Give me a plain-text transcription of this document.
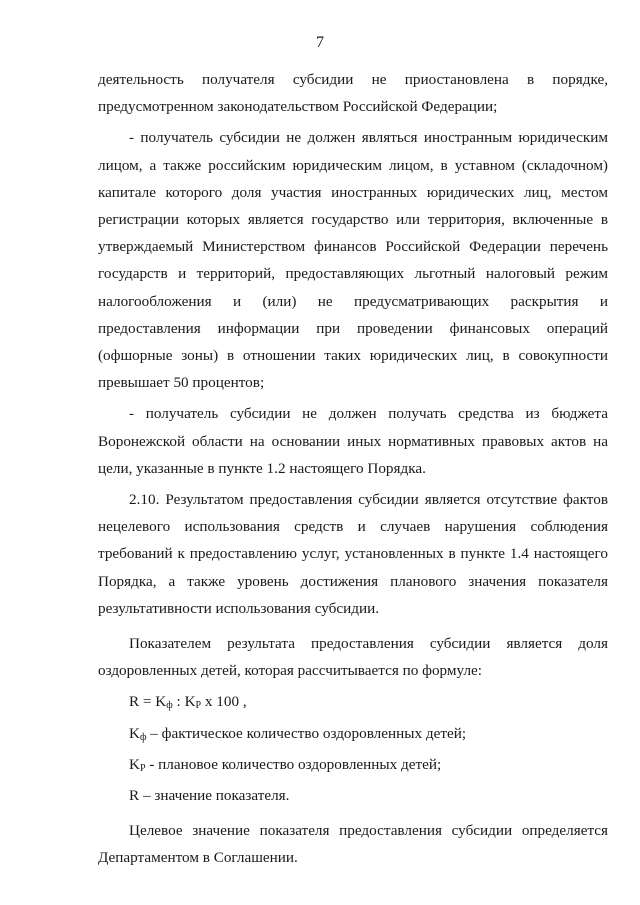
7

деятельность получателя субсидии не приостановлена в порядке, предусмотренном законодательством Российской Федерации;

- получатель субсидии не должен являться иностранным юридическим лицом, а также российским юридическим лицом, в уставном (складочном) капитале которого доля участия иностранных юридических лиц, местом регистрации которых является государство или территория, включенные в утверждаемый Министерством финансов Российской Федерации перечень государств и территорий, предоставляющих льготный налоговый режим налогообложения и (или) не предусматривающих раскрытия и предоставления информации при проведении финансовых операций (офшорные зоны) в отношении таких юридических лиц, в совокупности превышает 50 процентов;

- получатель субсидии не должен получать средства из бюджета Воронежской области на основании иных нормативных правовых актов на цели, указанные в пункте 1.2 настоящего Порядка.

2.10. Результатом предоставления субсидии является отсутствие фактов нецелевого использования средств и случаев нарушения соблюдения требований к предоставлению услуг, установленных в пункте 1.4 настоящего Порядка, а также уровень достижения планового значения показателя результативности использования субсидии.

Показателем результата предоставления субсидии является доля оздоровленных детей, которая рассчитывается по формуле:

$R = K_ф$ : $K_P$ x 100 ,

$K_ф$ – фактическое количество оздоровленных детей;

$K_P$ - плановое количество оздоровленных детей;

R – значение показателя.

Целевое значение показателя предоставления субсидии определяется Департаментом в Соглашении.
